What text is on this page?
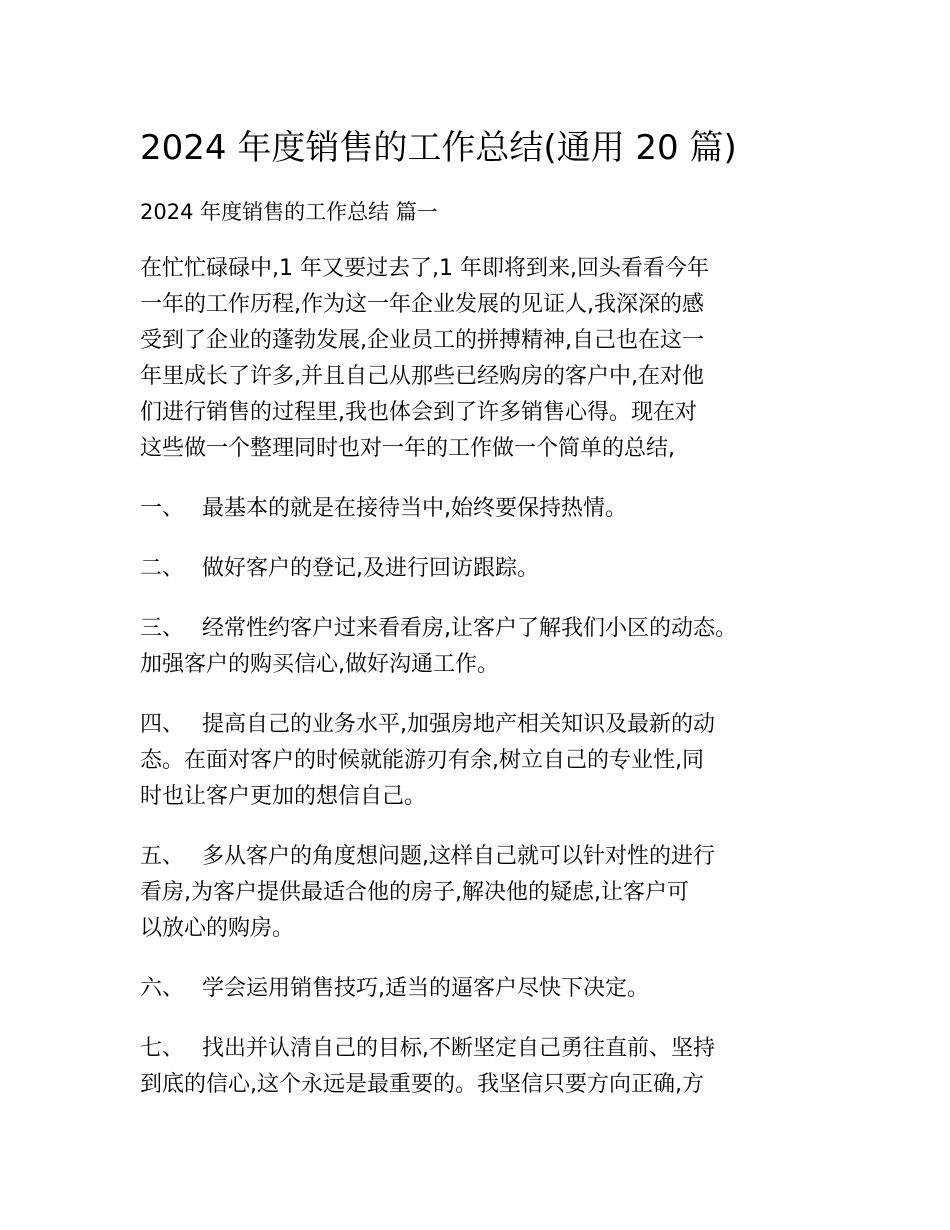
2024 年度销售的工作总结(通用 20 篇)
2024 年度销售的工作总结 篇一

在忙忙碌碌中,1 年又要过去了,1 年即将到来,回头看看今年
一年的工作历程,作为这一年企业发展的见证人,我深深的感
受到了企业的蓬勃发展,企业员工的拼搏精神,自己也在这一
年里成长了许多,并且自己从那些已经购房的客户中,在对他
们进行销售的过程里,我也体会到了许多销售心得。现在对
这些做一个整理同时也对一年的工作做一个简单的总结,

一、 最基本的就是在接待当中,始终要保持热情。

二、 做好客户的登记,及进行回访跟踪。

三、 经常性约客户过来看看房,让客户了解我们小区的动态。
加强客户的购买信心,做好沟通工作。

四、 提高自己的业务水平,加强房地产相关知识及最新的动
态。在面对客户的时候就能游刃有余,树立自己的专业性,同
时也让客户更加的想信自己。

五、 多从客户的角度想问题,这样自己就可以针对性的进行
看房,为客户提供最适合他的房子,解决他的疑虑,让客户可
以放心的购房。

六、 学会运用销售技巧,适当的逼客户尽快下决定。

七、 找出并认清自己的目标,不断坚定自己勇往直前、坚持
到底的信心,这个永远是最重要的。我坚信只要方向正确,方
